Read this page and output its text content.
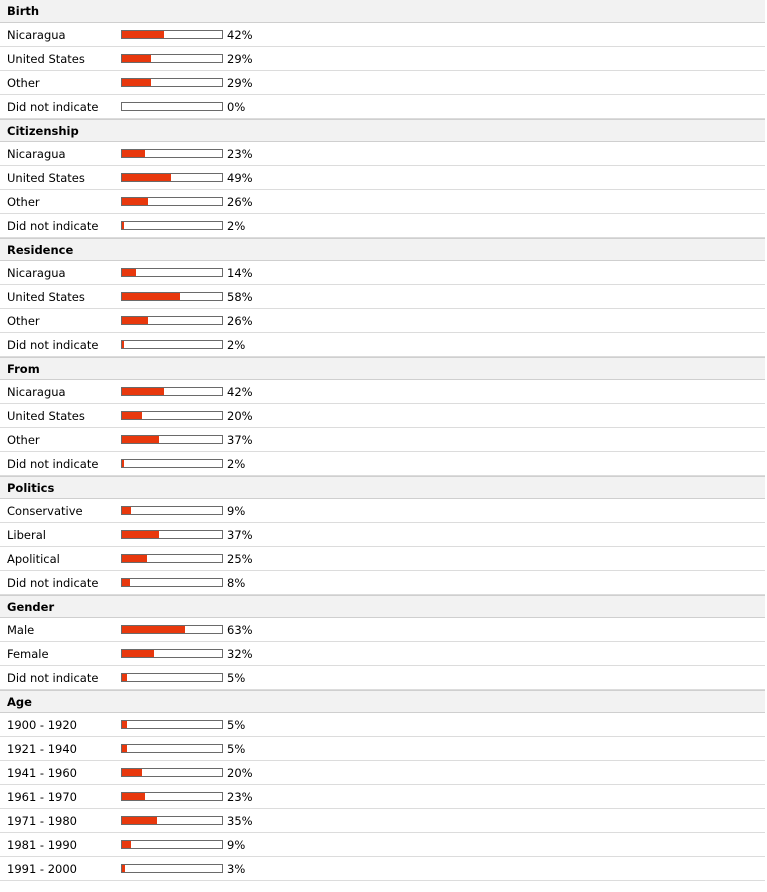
Birth
Nicaragua	42%
United States	29%
Other	29%
Did not indicate	0%
Citizenship
Nicaragua	23%
United States	49%
Other	26%
Did not indicate	2%
Residence
Nicaragua	14%
United States	58%
Other	26%
Did not indicate	2%
From
Nicaragua	42%
United States	20%
Other	37%
Did not indicate	2%
Politics
Conservative	9%
Liberal	37%
Apolitical	25%
Did not indicate	8%
Gender
Male	63%
Female	32%
Did not indicate	5%
Age
1900 - 1920	5%
1921 - 1940	5%
1941 - 1960	20%
1961 - 1970	23%
1971 - 1980	35%
1981 - 1990	9%
1991 - 2000	3%
